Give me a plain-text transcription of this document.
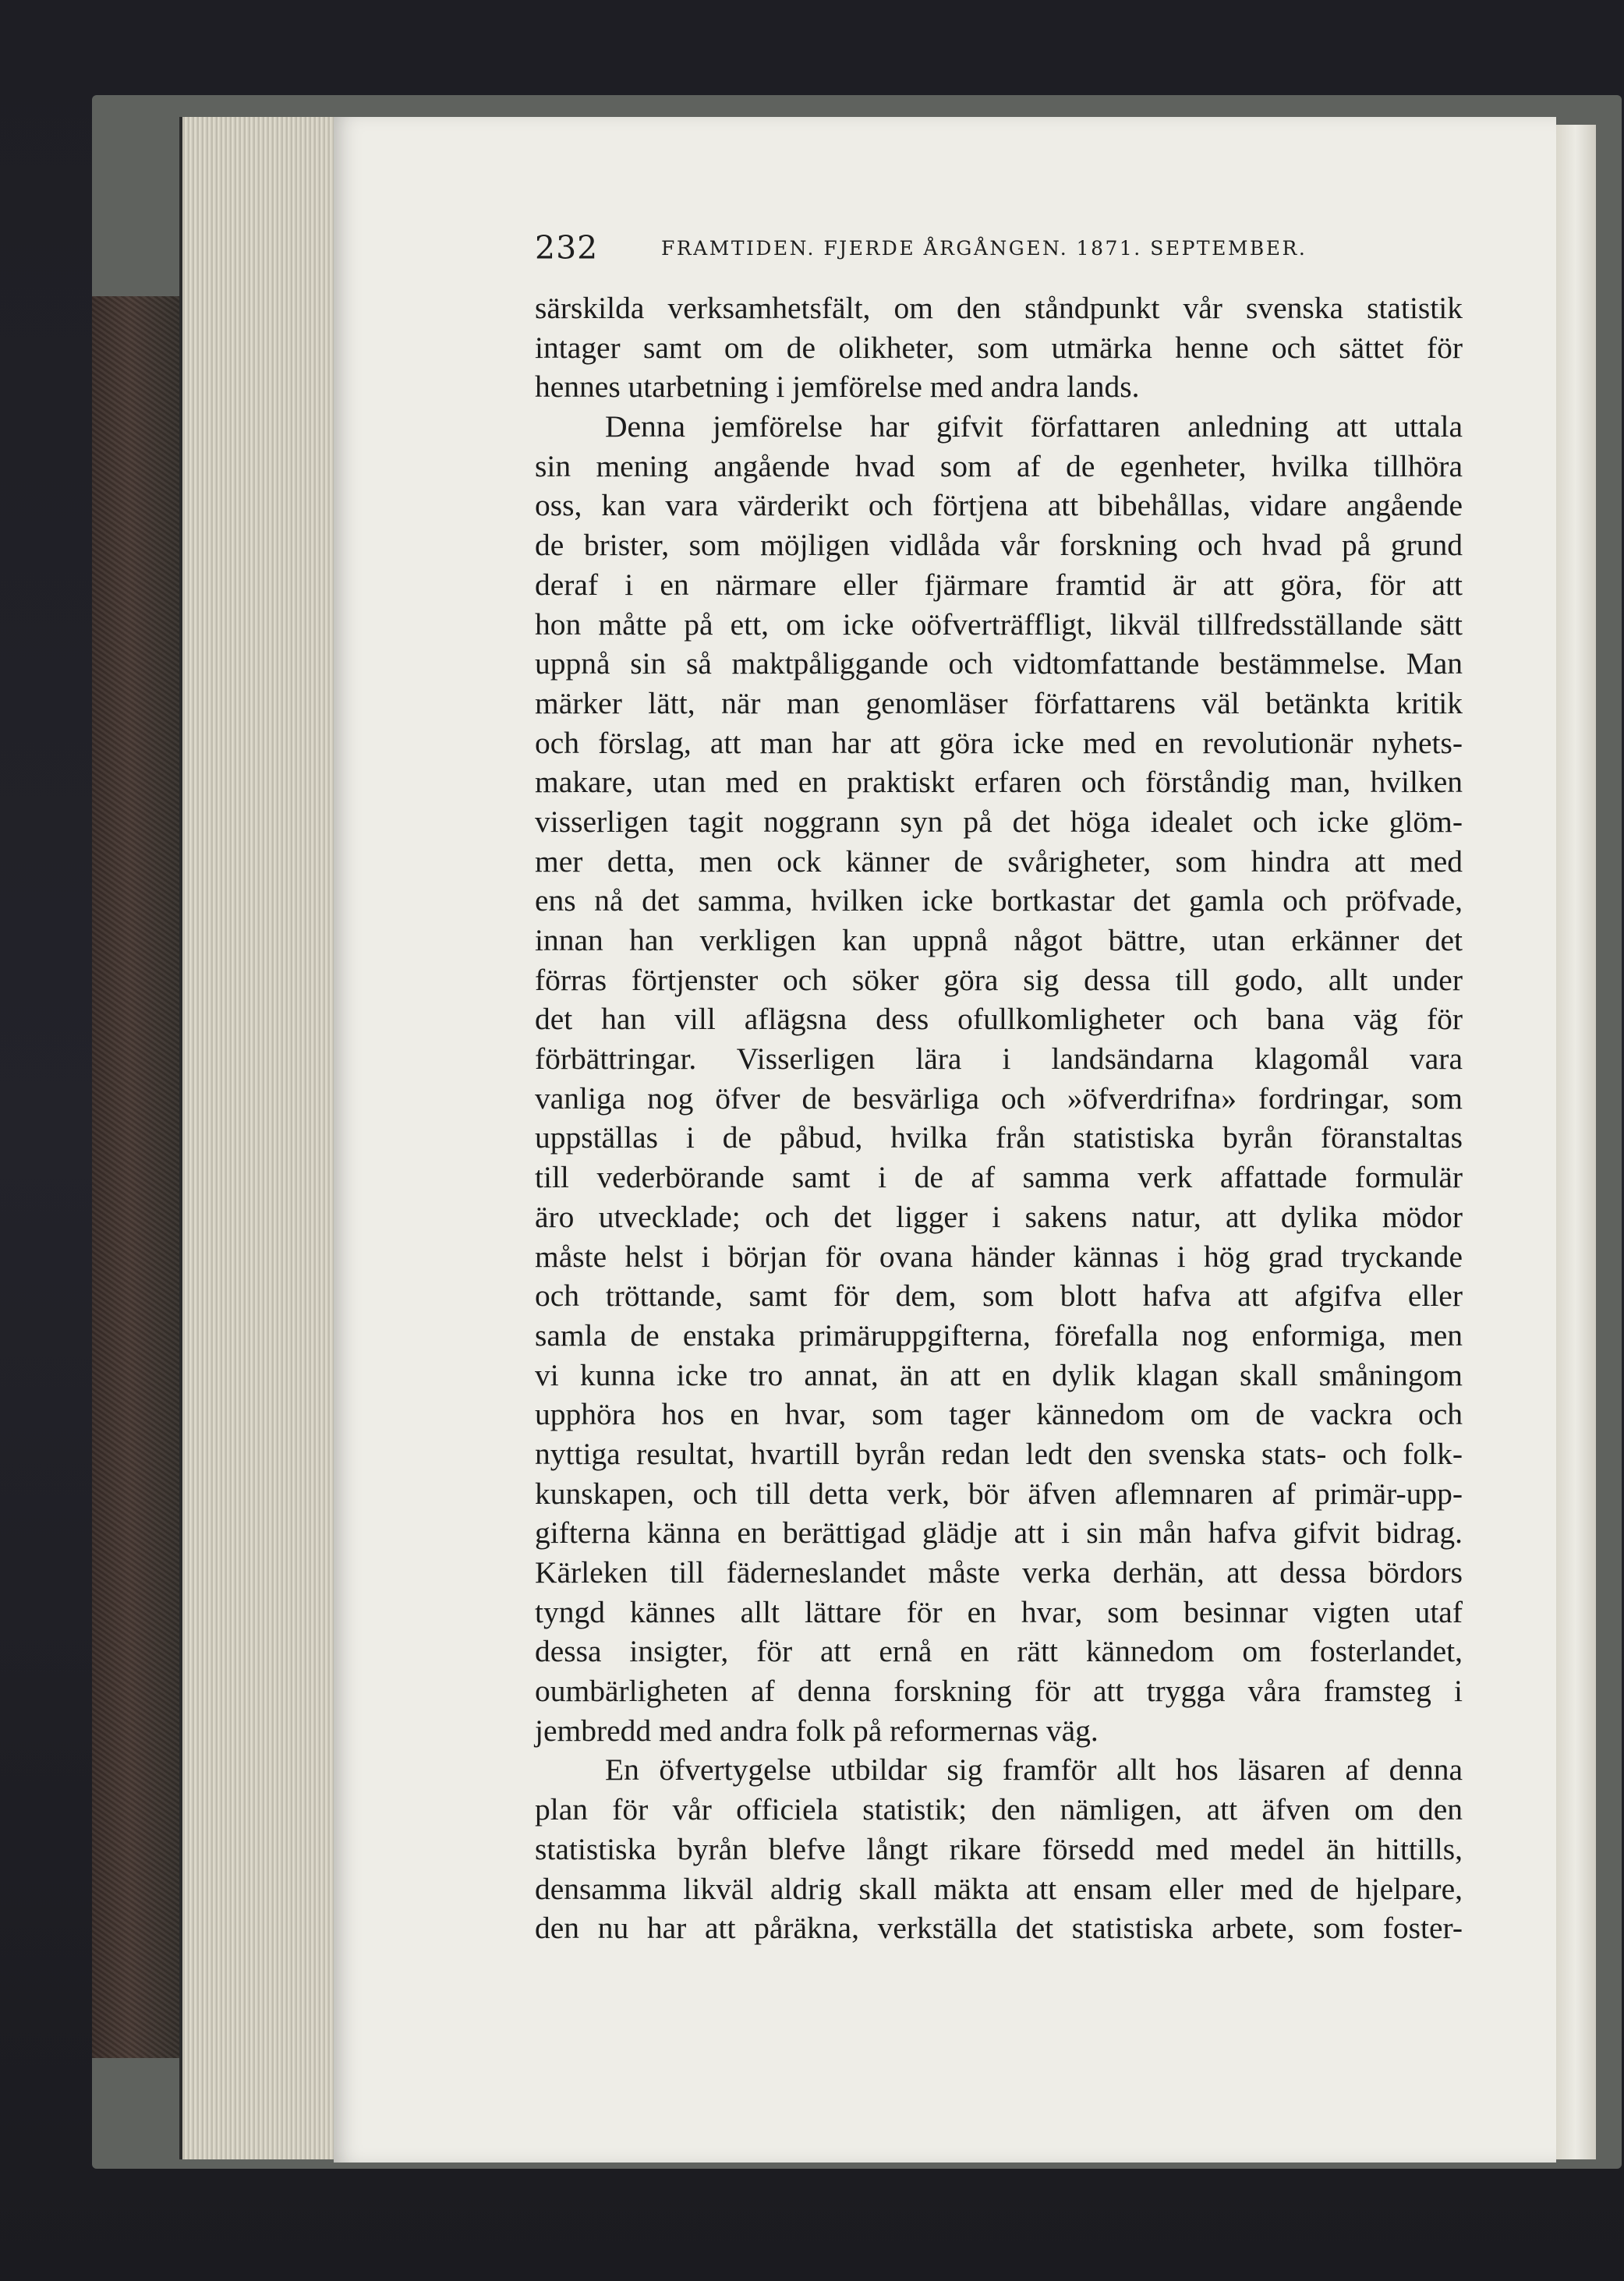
232	FRAMTIDEN. FJERDE ÅRGÅNGEN. 1871. SEPTEMBER.
särskilda verksamhetsfält, om den ståndpunkt vår svenska statistik
intager samt om de olikheter, som utmärka henne och sättet för
hennes utarbetning i jemförelse med andra lands.
Denna jemförelse har gifvit författaren anledning att uttala
sin mening angående hvad som af de egenheter, hvilka tillhöra
oss, kan vara värderikt och förtjena att bibehållas, vidare angående
de brister, som möjligen vidlåda vår forskning och hvad på grund
deraf i en närmare eller fjärmare framtid är att göra, för att
hon måtte på ett, om icke oöfverträffligt, likväl tillfredsställande sätt
uppnå sin så maktpåliggande och vidtomfattande bestämmelse. Man
märker lätt, när man genomläser författarens väl betänkta kritik
och förslag, att man har att göra icke med en revolutionär nyhets-
makare, utan med en praktiskt erfaren och förståndig man, hvilken
visserligen tagit noggrann syn på det höga idealet och icke glöm-
mer detta, men ock känner de svårigheter, som hindra att med
ens nå det samma, hvilken icke bortkastar det gamla och pröfvade,
innan han verkligen kan uppnå något bättre, utan erkänner det
förras förtjenster och söker göra sig dessa till godo, allt under
det han vill aflägsna dess ofullkomligheter och bana väg för
förbättringar. Visserligen lära i landsändarna klagomål vara
vanliga nog öfver de besvärliga och »öfverdrifna» fordringar, som
uppställas i de påbud, hvilka från statistiska byrån föranstaltas
till vederbörande samt i de af samma verk affattade formulär
äro utvecklade; och det ligger i sakens natur, att dylika mödor
måste helst i början för ovana händer kännas i hög grad tryckande
och tröttande, samt för dem, som blott hafva att afgifva eller
samla de enstaka primäruppgifterna, förefalla nog enformiga, men
vi kunna icke tro annat, än att en dylik klagan skall småningom
upphöra hos en hvar, som tager kännedom om de vackra och
nyttiga resultat, hvartill byrån redan ledt den svenska stats- och folk-
kunskapen, och till detta verk, bör äfven aflemnaren af primär-upp-
gifterna känna en berättigad glädje att i sin mån hafva gifvit bidrag.
Kärleken till fäderneslandet måste verka derhän, att dessa bördors
tyngd kännes allt lättare för en hvar, som besinnar vigten utaf
dessa insigter, för att ernå en rätt kännedom om fosterlandet,
oumbärligheten af denna forskning för att trygga våra framsteg i
jembredd med andra folk på reformernas väg.
En öfvertygelse utbildar sig framför allt hos läsaren af denna
plan för vår officiela statistik; den nämligen, att äfven om den
statistiska byrån blefve långt rikare försedd med medel än hittills,
densamma likväl aldrig skall mäkta att ensam eller med de hjelpare,
den nu har att påräkna, verkställa det statistiska arbete, som foster-
